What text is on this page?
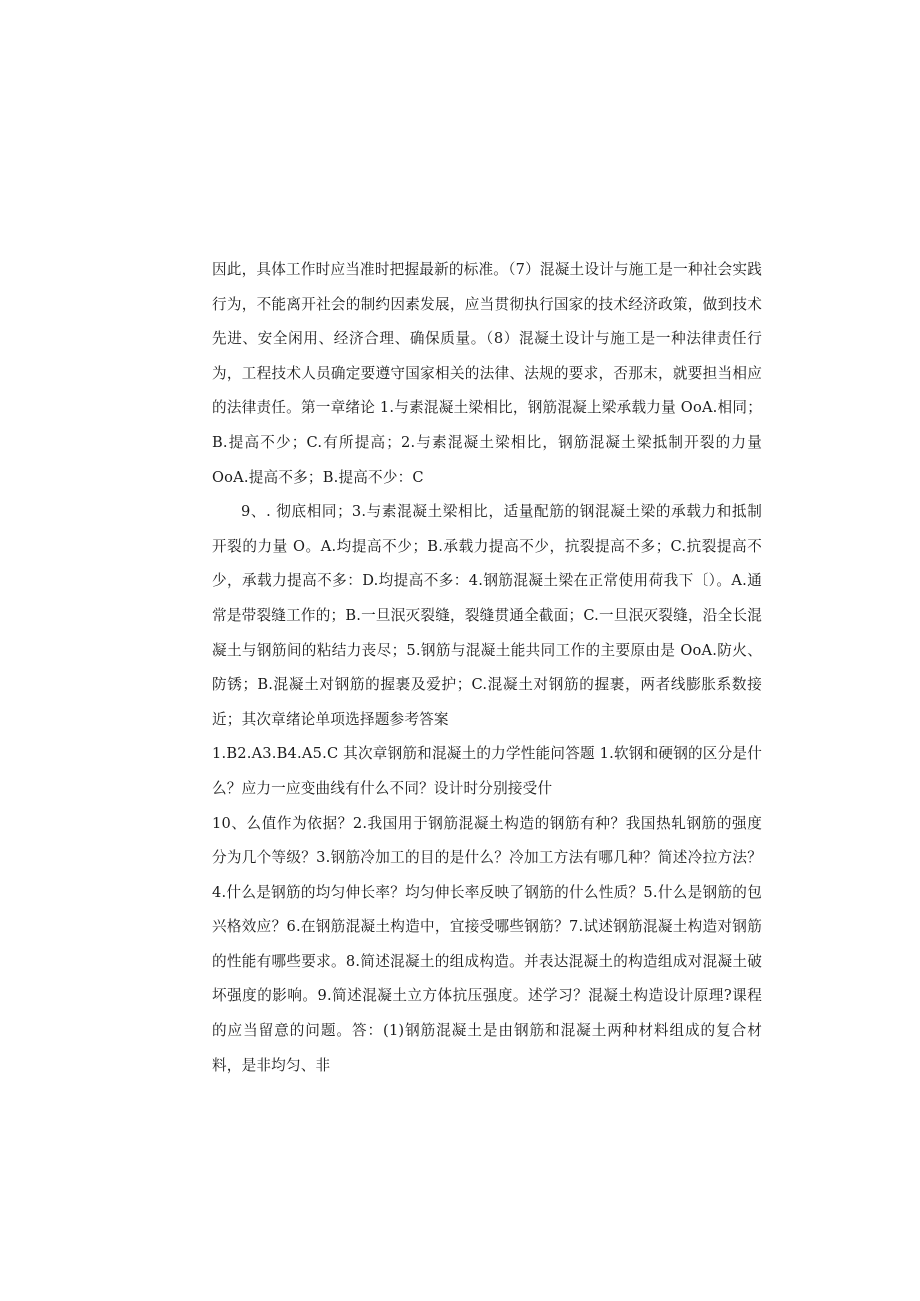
因此，具体工作时应当准时把握最新的标准。（7）混凝土设计与施工是一种社会实践行为，不能离开社会的制约因素发展，应当贯彻执行国家的技术经济政策，做到技术先进、安全闲用、经济合理、确保质量。（8）混凝土设计与施工是一种法律责任行为，工程技术人员确定要遵守国家相关的法律、法规的要求，否那末，就要担当相应的法律责任。第一章绪论 1.与素混凝土梁相比，钢筋混凝上梁承载力量 OoA.相同；B.提高不少；C.有所提高；2.与素混凝土梁相比，钢筋混凝土梁抵制开裂的力量 OoA.提高不多；B.提高不少：C

9、. 彻底相同；3.与素混凝土梁相比，适量配筋的钢混凝土梁的承载力和抵制开裂的力量 O。A.均提高不少；B.承载力提高不少，抗裂提高不多；C.抗裂提高不少，承载力提高不多：D.均提高不多：4.钢筋混凝土梁在正常使用荷我下〔）。A.通常是带裂缝工作的；B.一旦泯灭裂缝，裂缝贯通全截面；C.一旦泯灭裂缝，沿全长混凝土与钢筋间的粘结力丧尽；5.钢筋与混凝土能共同工作的主要原由是 OoA.防火、防锈；B.混凝土对钢筋的握裹及爱护；C.混凝土对钢筋的握裹，两者线膨胀系数接近；其次章绪论单项选择题参考答案

1.B2.A3.B4.A5.C 其次章钢筋和混凝土的力学性能问答题 1.软钢和硬钢的区分是什么？应力一应变曲线有什么不同？设计时分别接受什

10、么值作为依据？2.我国用于钢筋混凝土构造的钢筋有种？我国热轧钢筋的强度分为几个等级？3.钢筋冷加工的目的是什么？冷加工方法有哪几种？简述冷拉方法？4.什么是钢筋的均匀伸长率？均匀伸长率反映了钢筋的什么性质？5.什么是钢筋的包兴格效应？6.在钢筋混凝土构造中，宜接受哪些钢筋？7.试述钢筋混凝土构造对钢筋的性能有哪些要求。8.简述混凝土的组成构造。并表达混凝土的构造组成对混凝土破坏强度的影响。9.简述混凝土立方体抗压强度。述学习？混凝土构造设计原理?课程的应当留意的问题。答：(1)钢筋混凝土是由钢筋和混凝土两种材料组成的复合材料，是非均匀、非
